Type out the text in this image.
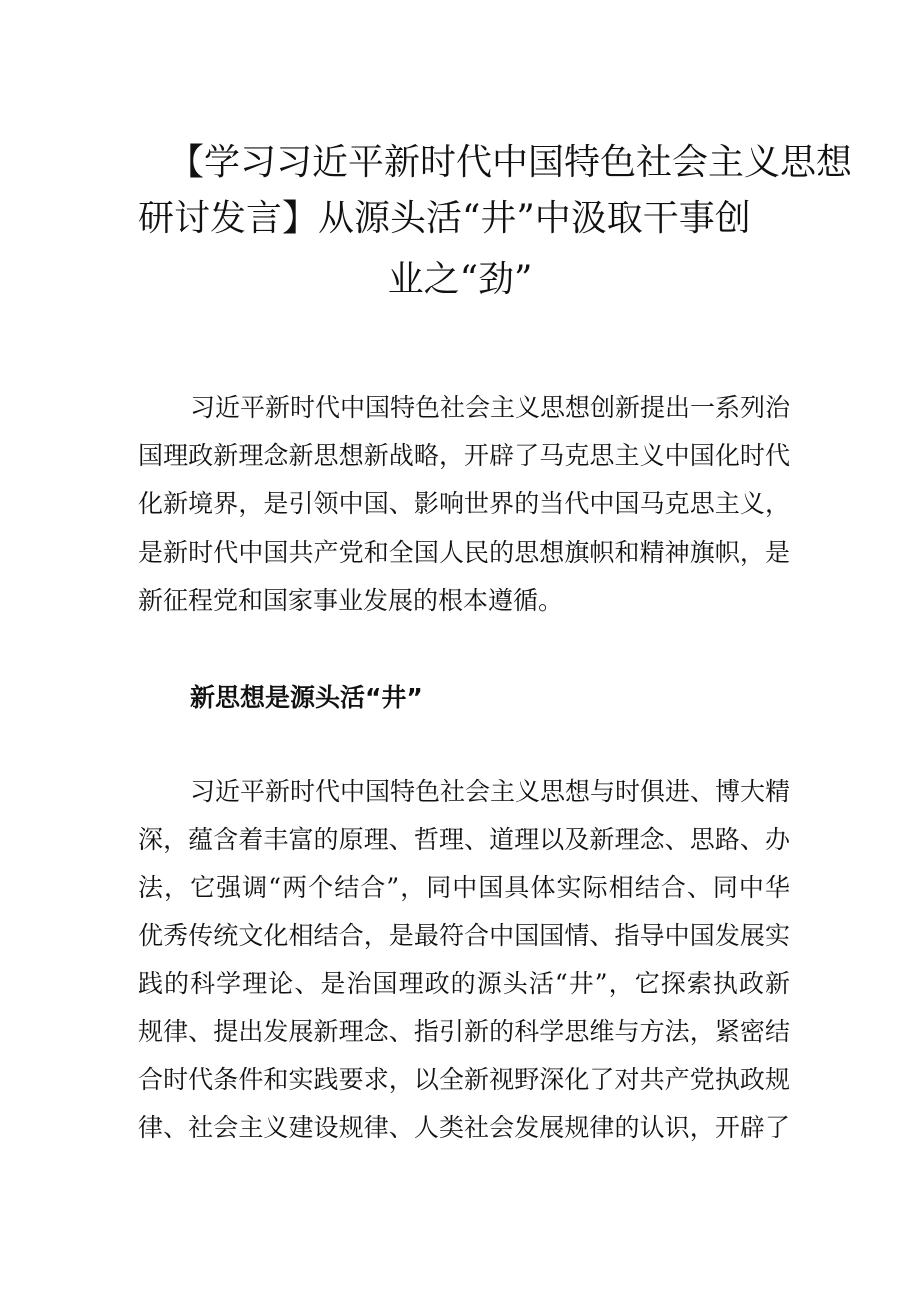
【学习习近平新时代中国特色社会主义思想
研讨发言】从源头活“井”中汲取干事创
业之“劲”
习近平新时代中国特色社会主义思想创新提出一系列治
国理政新理念新思想新战略，开辟了马克思主义中国化时代
化新境界，是引领中国、影响世界的当代中国马克思主义，
是新时代中国共产党和全国人民的思想旗帜和精神旗帜，是
新征程党和国家事业发展的根本遵循。
新思想是源头活“井”
习近平新时代中国特色社会主义思想与时俱进、博大精
深，蕴含着丰富的原理、哲理、道理以及新理念、思路、办
法，它强调“两个结合”，同中国具体实际相结合、同中华
优秀传统文化相结合，是最符合中国国情、指导中国发展实
践的科学理论、是治国理政的源头活“井”，它探索执政新
规律、提出发展新理念、指引新的科学思维与方法，紧密结
合时代条件和实践要求，以全新视野深化了对共产党执政规
律、社会主义建设规律、人类社会发展规律的认识，开辟了
